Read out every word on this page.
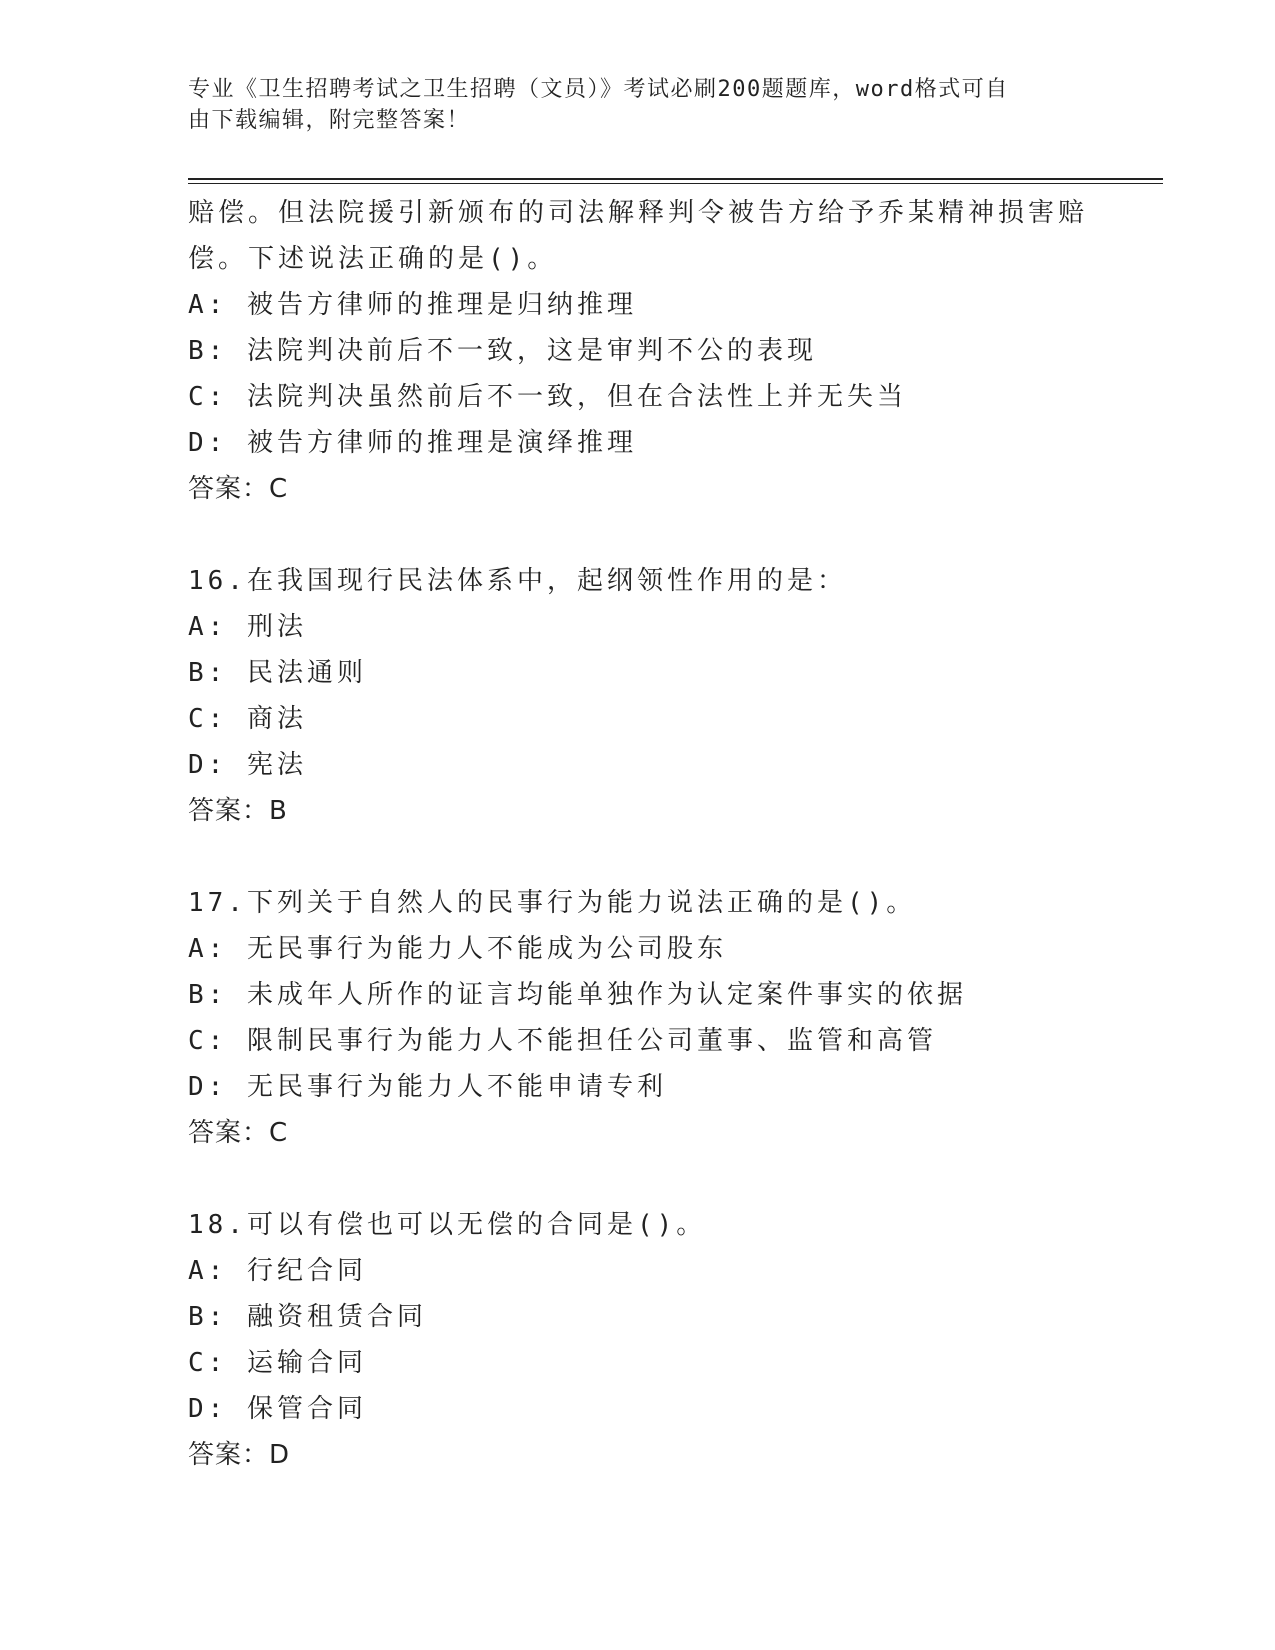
专业《卫生招聘考试之卫生招聘（文员）》考试必刷200题题库，word格式可自
由下载编辑，附完整答案！
赔偿。但法院援引新颁布的司法解释判令被告方给予乔某精神损害赔
偿。下述说法正确的是()。
A: 被告方律师的推理是归纳推理
B: 法院判决前后不一致，这是审判不公的表现
C: 法院判决虽然前后不一致，但在合法性上并无失当
D: 被告方律师的推理是演绎推理
答案：C
16.在我国现行民法体系中，起纲领性作用的是：
A: 刑法
B: 民法通则
C: 商法
D: 宪法
答案：B
17.下列关于自然人的民事行为能力说法正确的是()。
A: 无民事行为能力人不能成为公司股东
B: 未成年人所作的证言均能单独作为认定案件事实的依据
C: 限制民事行为能力人不能担任公司董事、监管和高管
D: 无民事行为能力人不能申请专利
答案：C
18.可以有偿也可以无偿的合同是()。
A: 行纪合同
B: 融资租赁合同
C: 运输合同
D: 保管合同
答案：D
